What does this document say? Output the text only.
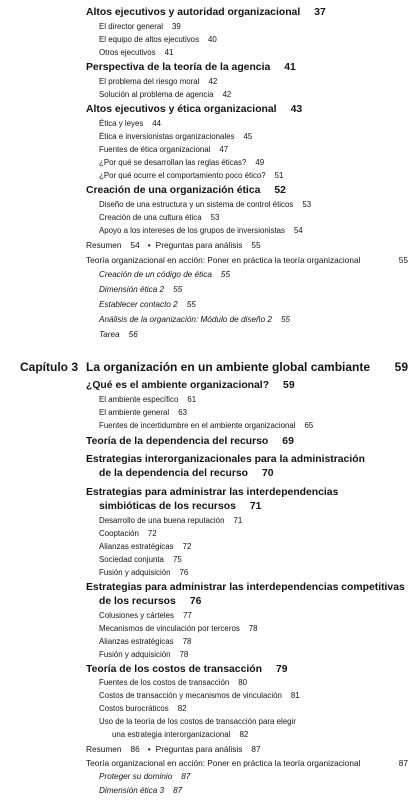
Altos ejecutivos y autoridad organizacional 37
El director general 39
El equipo de altos ejecutivos 40
Otros ejecutivos 41
Perspectiva de la teoría de la agencia 41
El problema del riesgo moral 42
Solución al problema de agencia 42
Altos ejecutivos y ética organizacional 43
Ética y leyes 44
Ética e inversionistas organizacionales 45
Fuentes de ética organizacional 47
¿Por qué se desarrollan las reglas éticas? 49
¿Por qué ocurre el comportamiento poco ético? 51
Creación de una organización ética 52
Diseño de una estructura y un sistema de control éticos 53
Creación de una cultura ética 53
Apoyo a los intereses de los grupos de inversionistas 54
Resumen 54 • Preguntas para análisis 55
Teoría organizacional en acción: Poner en práctica la teoría organizacional	55
Creación de un código de ética 55
Dimensión ética 2 55
Establecer contacto 2 55
Análisis de la organización: Módulo de diseño 2 55
Tarea 56
Capítulo 3 La organización en un ambiente global cambiante 59
¿Qué es el ambiente organizacional? 59
El ambiente específico 61
El ambiente general 63
Fuentes de incertidumbre en el ambiente organizacional 65
Teoría de la dependencia del recurso 69
Estrategias interorganizacionales para la administración
de la dependencia del recurso 70
Estrategias para administrar las interdependencias
simbióticas de los recursos 71
Desarrollo de una buena reputación 71
Cooptación 72
Alianzas estratégicas 72
Sociedad conjunta 75
Fusión y adquisición 76
Estrategias para administrar las interdependencias competitivas
de los recursos 76
Colusiones y cárteles 77
Mecanismos de vinculación por terceros 78
Alianzas estratégicas 78
Fusión y adquisición 78
Teoría de los costos de transacción 79
Fuentes de los costos de transacción 80
Costos de transacción y mecanismos de vinculación 81
Costos burocráticos 82
Uso de la teoría de los costos de transacción para elegir
una estrategia interorganizacional 82
Resumen 86 • Preguntas para análisis 87
Teoría organizacional en acción: Poner en práctica la teoría organizacional	87
Proteger su dominio 87
Dimensión ética 3 87
